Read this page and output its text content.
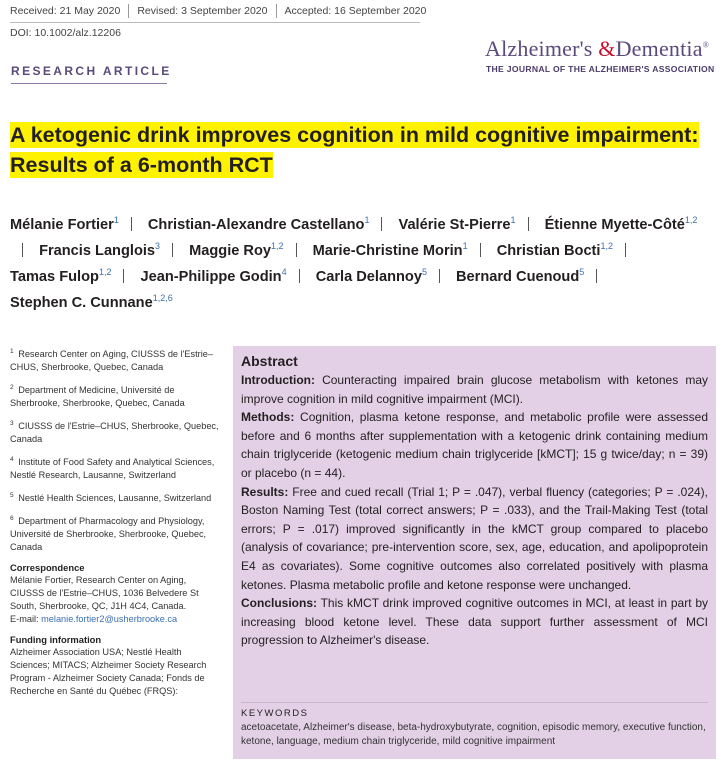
Received: 21 May 2020 Revised: 3 September 2020 Accepted: 16 September 2020
DOI: 10.1002/alz.12206
Alzheimer's &Dementia®
THE JOURNAL OF THE ALZHEIMER'S ASSOCIATION
RESEARCH ARTICLE
A ketogenic drink improves cognition in mild cognitive impairment: Results of a 6-month RCT
Mélanie Fortier$^1$ Christian-Alexandre Castellano$^1$ Valérie St-Pierre$^1$ Étienne Myette-Côté$^{1,2}$ Francis Langlois$^3$ Maggie Roy$^{1,2}$ Marie-Christine Morin$^1$ Christian Bocti$^{1,2}$ Tamas Fulop$^{1,2}$ Jean-Philippe Godin$^4$ Carla Delannoy$^5$ Bernard Cuenoud$^5$ Stephen C. Cunnane$^{1,2,6}$
$^1$ Research Center on Aging, CIUSSS de l'Estrie–CHUS, Sherbrooke, Quebec, Canada
$^2$ Department of Medicine, Université de Sherbrooke, Sherbrooke, Quebec, Canada
$^3$ CIUSSS de l'Estrie–CHUS, Sherbrooke, Quebec, Canada
$^4$ Institute of Food Safety and Analytical Sciences, Nestlé Research, Lausanne, Switzerland
$^5$ Nestlé Health Sciences, Lausanne, Switzerland
$^6$ Department of Pharmacology and Physiology, Université de Sherbrooke, Sherbrooke, Quebec, Canada
Correspondence
Mélanie Fortier, Research Center on Aging, CIUSSS de l'Estrie–CHUS, 1036 Belvedere St South, Sherbrooke, QC, J1H 4C4, Canada.
E-mail: melanie.fortier2@usherbrooke.ca
Funding information
Alzheimer Association USA; Nestlé Health Sciences; MITACS; Alzheimer Society Research Program - Alzheimer Society Canada; Fonds de Recherche en Santé du Québec (FRQS):
Abstract

Introduction: Counteracting impaired brain glucose metabolism with ketones may improve cognition in mild cognitive impairment (MCI).

Methods: Cognition, plasma ketone response, and metabolic profile were assessed before and 6 months after supplementation with a ketogenic drink containing medium chain triglyceride (ketogenic medium chain triglyceride [kMCT]; 15 g twice/day; n = 39) or placebo (n = 44).

Results: Free and cued recall (Trial 1; P = .047), verbal fluency (categories; P = .024), Boston Naming Test (total correct answers; P = .033), and the Trail-Making Test (total errors; P = .017) improved significantly in the kMCT group compared to placebo (analysis of covariance; pre-intervention score, sex, age, education, and apolipoprotein E4 as covariates). Some cognitive outcomes also correlated positively with plasma ketones. Plasma metabolic profile and ketone response were unchanged.

Conclusions: This kMCT drink improved cognitive outcomes in MCI, at least in part by increasing blood ketone level. These data support further assessment of MCI progression to Alzheimer's disease.

KEYWORDS
acetoacetate, Alzheimer's disease, beta-hydroxybutyrate, cognition, episodic memory, executive function, ketone, language, medium chain triglyceride, mild cognitive impairment
